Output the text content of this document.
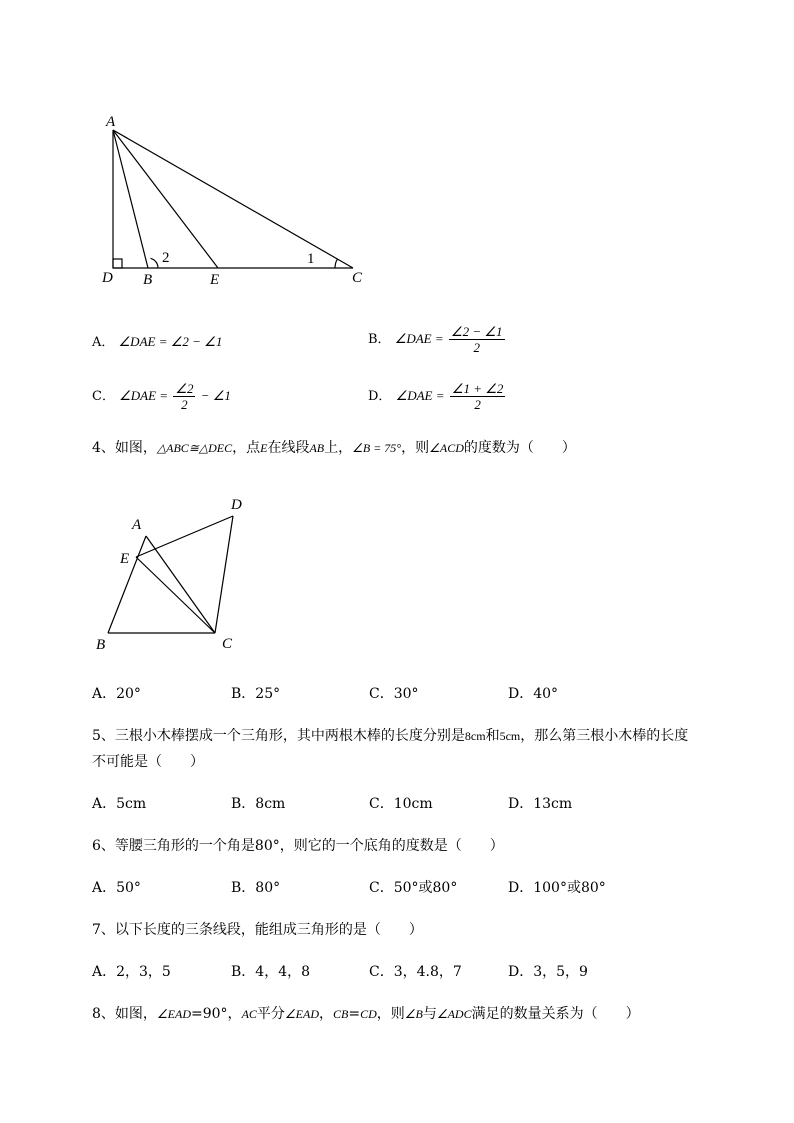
A
D B	E	C
2	1
A． ∠DAE = ∠2 − ∠1	B． ∠DAE = $\frac{\angle 2 - \angle 1}{2}$
C． ∠DAE = $\frac{\angle 2}{2}$ − ∠1	D． ∠DAE = $\frac{\angle 1 + \angle 2}{2}$
4、如图，△ABC≅△DEC，点E在线段AB上，∠B = 75°，则∠ACD的度数为（　　）
D
A
E
B	C
A．20°	B．25°	C．30°	D．40°
5、三根小木棒摆成一个三角形，其中两根木棒的长度分别是8cm和5cm，那么第三根小木棒的长度
不可能是（　　）
A．5cm	B．8cm	C．10cm	D．13cm
6、等腰三角形的一个角是80°，则它的一个底角的度数是（　　）
A．50°	B．80°	C．50°或80°	D．100°或80°
7、以下长度的三条线段，能组成三角形的是（　　）
A．2，3，5	B．4，4，8	C．3，4.8，7	D．3，5，9
8、如图，∠EAD=90°，AC平分∠EAD，CB=CD，则∠B与∠ADC满足的数量关系为（　　）
